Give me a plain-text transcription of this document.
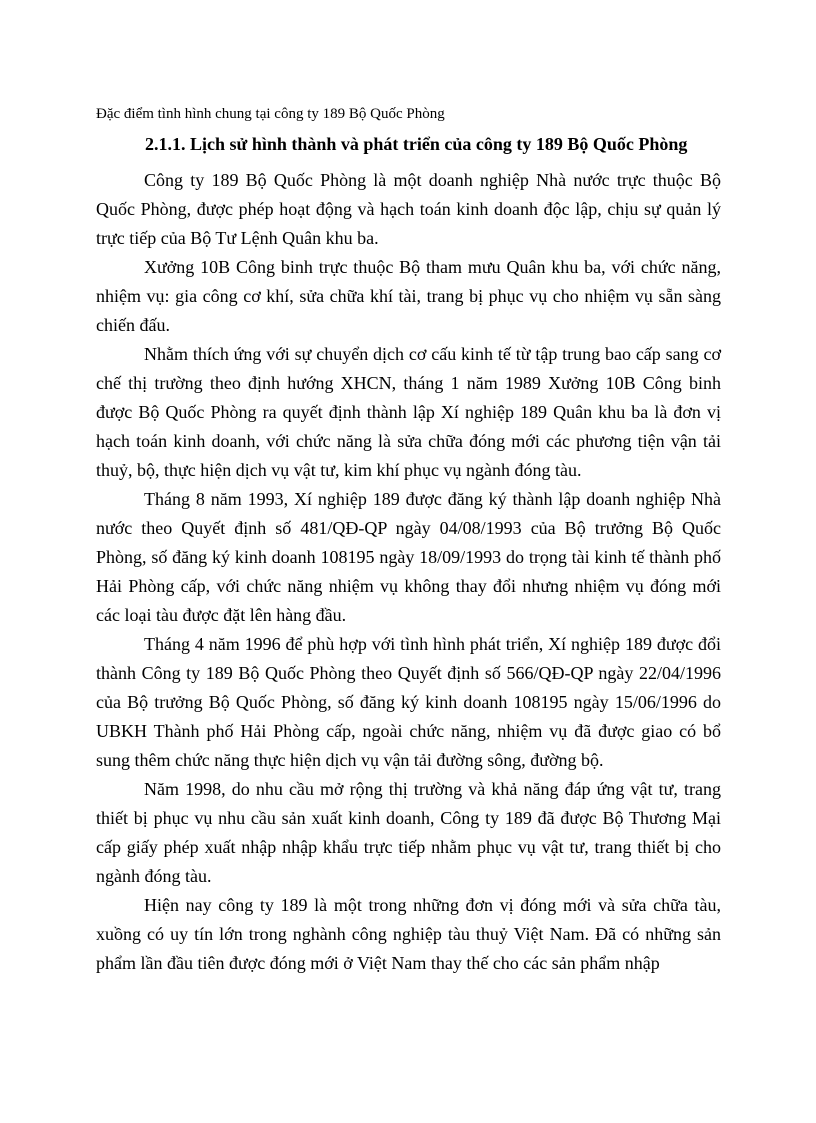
Đặc điểm tình hình chung tại công ty 189 Bộ Quốc Phòng
2.1.1. Lịch sử hình thành và phát triển của công ty 189 Bộ Quốc Phòng

Công ty 189 Bộ Quốc Phòng là một doanh nghiệp Nhà nước trực thuộc Bộ Quốc Phòng, được phép hoạt động và hạch toán kinh doanh độc lập, chịu sự quản lý trực tiếp của Bộ Tư Lệnh Quân khu ba.

Xưởng 10B Công binh trực thuộc Bộ tham mưu Quân khu ba, với chức năng, nhiệm vụ: gia công cơ khí, sửa chữa khí tài, trang bị phục vụ cho nhiệm vụ sẵn sàng chiến đấu.

Nhằm thích ứng với sự chuyển dịch cơ cấu kinh tế từ tập trung bao cấp sang cơ chế thị trường theo định hướng XHCN, tháng 1 năm 1989 Xưởng 10B Công binh được Bộ Quốc Phòng ra quyết định thành lập Xí nghiệp 189 Quân khu ba là đơn vị hạch toán kinh doanh, với chức năng là sửa chữa đóng mới các phương tiện vận tải thuỷ, bộ, thực hiện dịch vụ vật tư, kim khí phục vụ ngành đóng tàu.

Tháng 8 năm 1993, Xí nghiệp 189 được đăng ký thành lập doanh nghiệp Nhà nước theo Quyết định số 481/QĐ-QP ngày 04/08/1993 của Bộ trưởng Bộ Quốc Phòng, số đăng ký kinh doanh 108195 ngày 18/09/1993 do trọng tài kinh tế thành phố Hải Phòng cấp, với chức năng nhiệm vụ không thay đổi nhưng nhiệm vụ đóng mới các loại tàu được đặt lên hàng đầu.

Tháng 4 năm 1996 để phù hợp với tình hình phát triển, Xí nghiệp 189 được đổi thành Công ty 189 Bộ Quốc Phòng theo Quyết định số 566/QĐ-QP ngày 22/04/1996 của Bộ trưởng Bộ Quốc Phòng, số đăng ký kinh doanh 108195 ngày 15/06/1996 do UBKH Thành phố Hải Phòng cấp, ngoài chức năng, nhiệm vụ đã được giao có bổ sung thêm chức năng thực hiện dịch vụ vận tải đường sông, đường bộ.

Năm 1998, do nhu cầu mở rộng thị trường và khả năng đáp ứng vật tư, trang thiết bị phục vụ nhu cầu sản xuất kinh doanh, Công ty 189 đã được Bộ Thương Mại cấp giấy phép xuất nhập nhập khẩu trực tiếp nhằm phục vụ vật tư, trang thiết bị cho ngành đóng tàu.

Hiện nay công ty 189 là một trong những đơn vị đóng mới và sửa chữa tàu, xuồng có uy tín lớn trong nghành công nghiệp tàu thuỷ Việt Nam. Đã có những sản phẩm lần đầu tiên được đóng mới ở Việt Nam thay thế cho các sản phẩm nhập
